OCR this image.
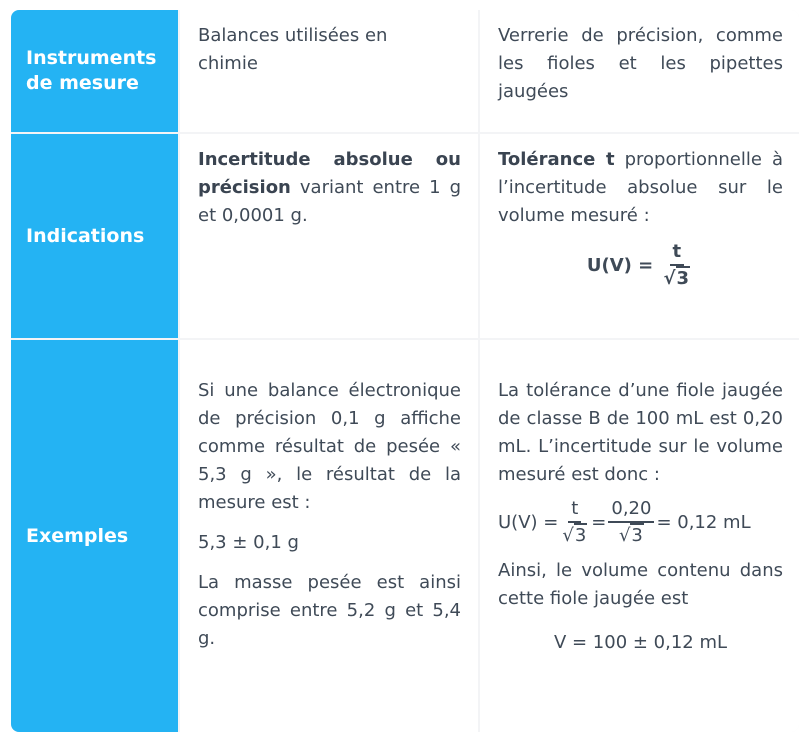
Instruments de mesure

Balances utilisées en chimie

Verrerie de précision, comme les fioles et les pipettes jaugées

Indications

Incertitude absolue ou précision variant entre 1 g et 0,0001 g.

Tolérance t proportionnelle à l’incertitude absolue sur le volume mesuré :

$U(V) = \frac{t}{√3}$

Exemples

Si une balance électronique de précision 0,1 g affiche comme résultat de pesée « 5,3 g », le résultat de la mesure est :

5,3 ± 0,1 g

La masse pesée est ainsi comprise entre 5,2 g et 5,4 g.

La tolérance d’une fiole jaugée de classe B de 100 mL est 0,20 mL. L’incertitude sur le volume mesuré est donc :

$U(V) = \frac{t}{√3} = \frac{0,20}{√3} = 0,12$ mL

Ainsi, le volume contenu dans cette fiole jaugée est

V = 100 ± 0,12 mL
